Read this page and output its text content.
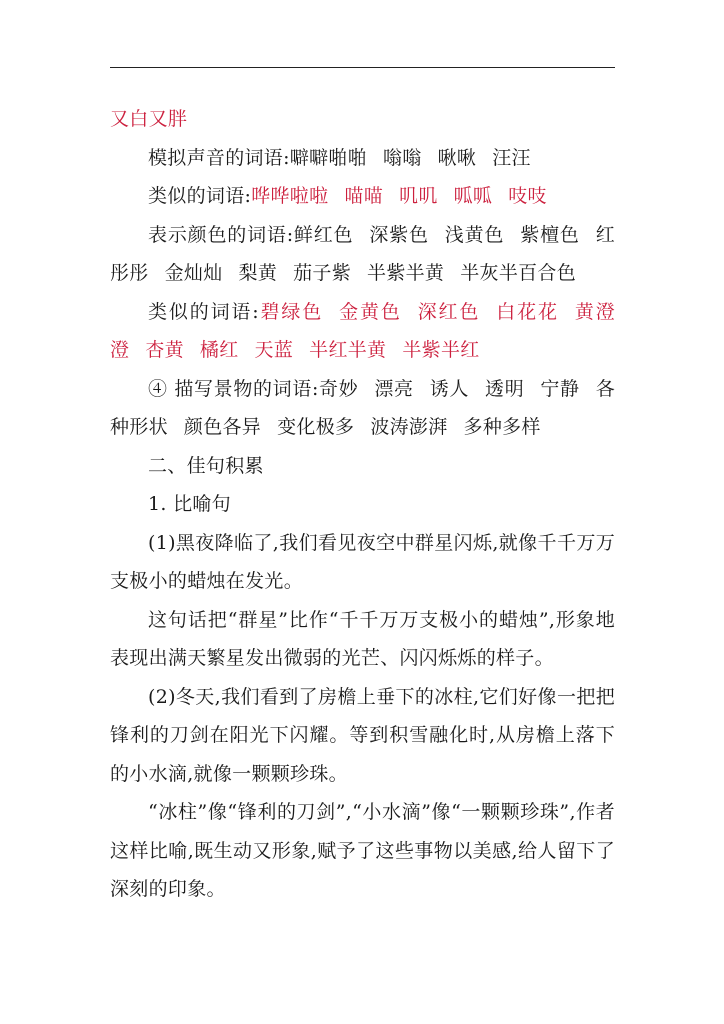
又白又胖
模拟声音的词语:噼噼啪啪 嗡嗡 啾啾 汪汪
类似的词语:哗哗啦啦 喵喵 叽叽 呱呱 吱吱
表示颜色的词语:鲜红色 深紫色 浅黄色 紫檀色 红彤彤 金灿灿 梨黄 茄子紫 半紫半黄 半灰半百合色
类似的词语:碧绿色 金黄色 深红色 白花花 黄澄澄 杏黄 橘红 天蓝 半红半黄 半紫半红
④ 描写景物的词语:奇妙 漂亮 诱人 透明 宁静 各种形状 颜色各异 变化极多 波涛澎湃 多种多样
二、佳句积累
1. 比喻句
(1)黑夜降临了,我们看见夜空中群星闪烁,就像千千万万支极小的蜡烛在发光。
这句话把“群星”比作“千千万万支极小的蜡烛”,形象地表现出满天繁星发出微弱的光芒、闪闪烁烁的样子。
(2)冬天,我们看到了房檐上垂下的冰柱,它们好像一把把锋利的刀剑在阳光下闪耀。等到积雪融化时,从房檐上落下的小水滴,就像一颗颗珍珠。
“冰柱”像“锋利的刀剑”,“小水滴”像“一颗颗珍珠”,作者这样比喻,既生动又形象,赋予了这些事物以美感,给人留下了深刻的印象。
